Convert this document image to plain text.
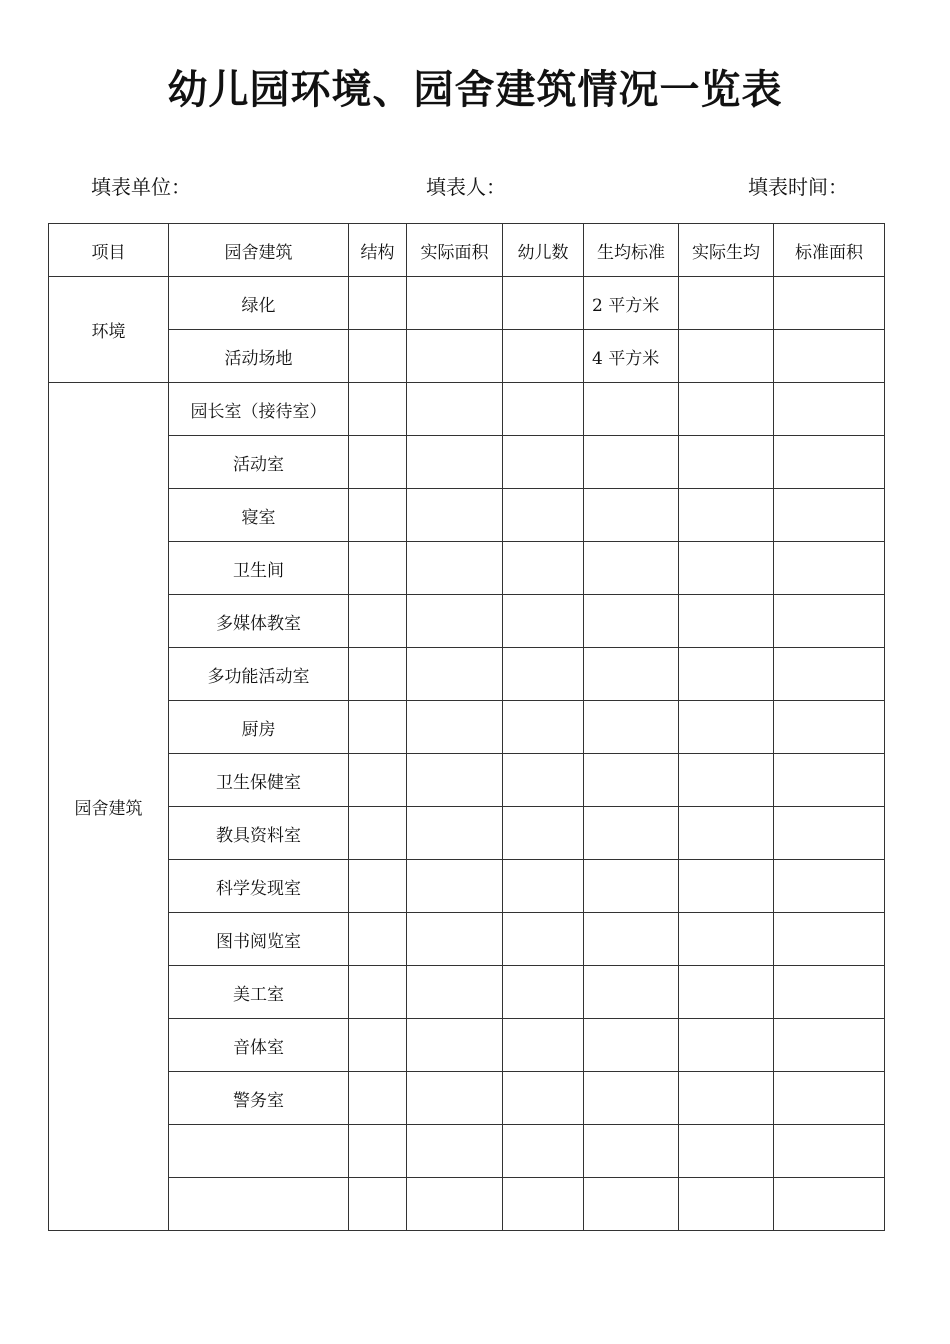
幼儿园环境、园舍建筑情况一览表
填表单位：	填表人：	填表时间：
项目	园舍建筑	结构	实际面积	幼儿数	生均标准	实际生均	标准面积
环境	绿化				2 平方米		
	活动场地				4 平方米		
园舍建筑	园长室（接待室）						
	活动室						
	寝室						
	卫生间						
	多媒体教室						
	多功能活动室						
	厨房						
	卫生保健室						
	教具资料室						
	科学发现室						
	图书阅览室						
	美工室						
	音体室						
	警务室						
